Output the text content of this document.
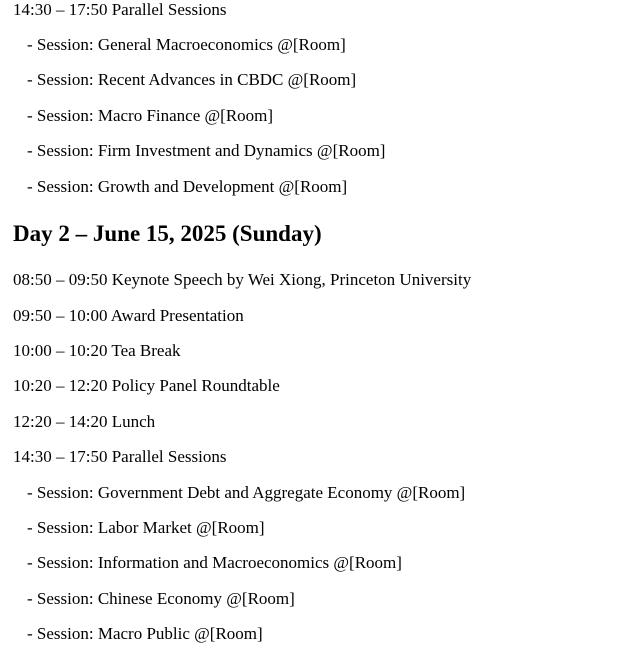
14:30 – 17:50 Parallel Sessions
- Session: General Macroeconomics @[Room]
- Session: Recent Advances in CBDC @[Room]
- Session: Macro Finance @[Room]
- Session: Firm Investment and Dynamics @[Room]
- Session: Growth and Development @[Room]
Day 2 – June 15, 2025 (Sunday)
08:50 – 09:50 Keynote Speech by Wei Xiong, Princeton University
09:50 – 10:00 Award Presentation
10:00 – 10:20 Tea Break
10:20 – 12:20 Policy Panel Roundtable
12:20 – 14:20 Lunch
14:30 – 17:50 Parallel Sessions
- Session: Government Debt and Aggregate Economy @[Room]
- Session: Labor Market @[Room]
- Session: Information and Macroeconomics @[Room]
- Session: Chinese Economy @[Room]
- Session: Macro Public @[Room]
